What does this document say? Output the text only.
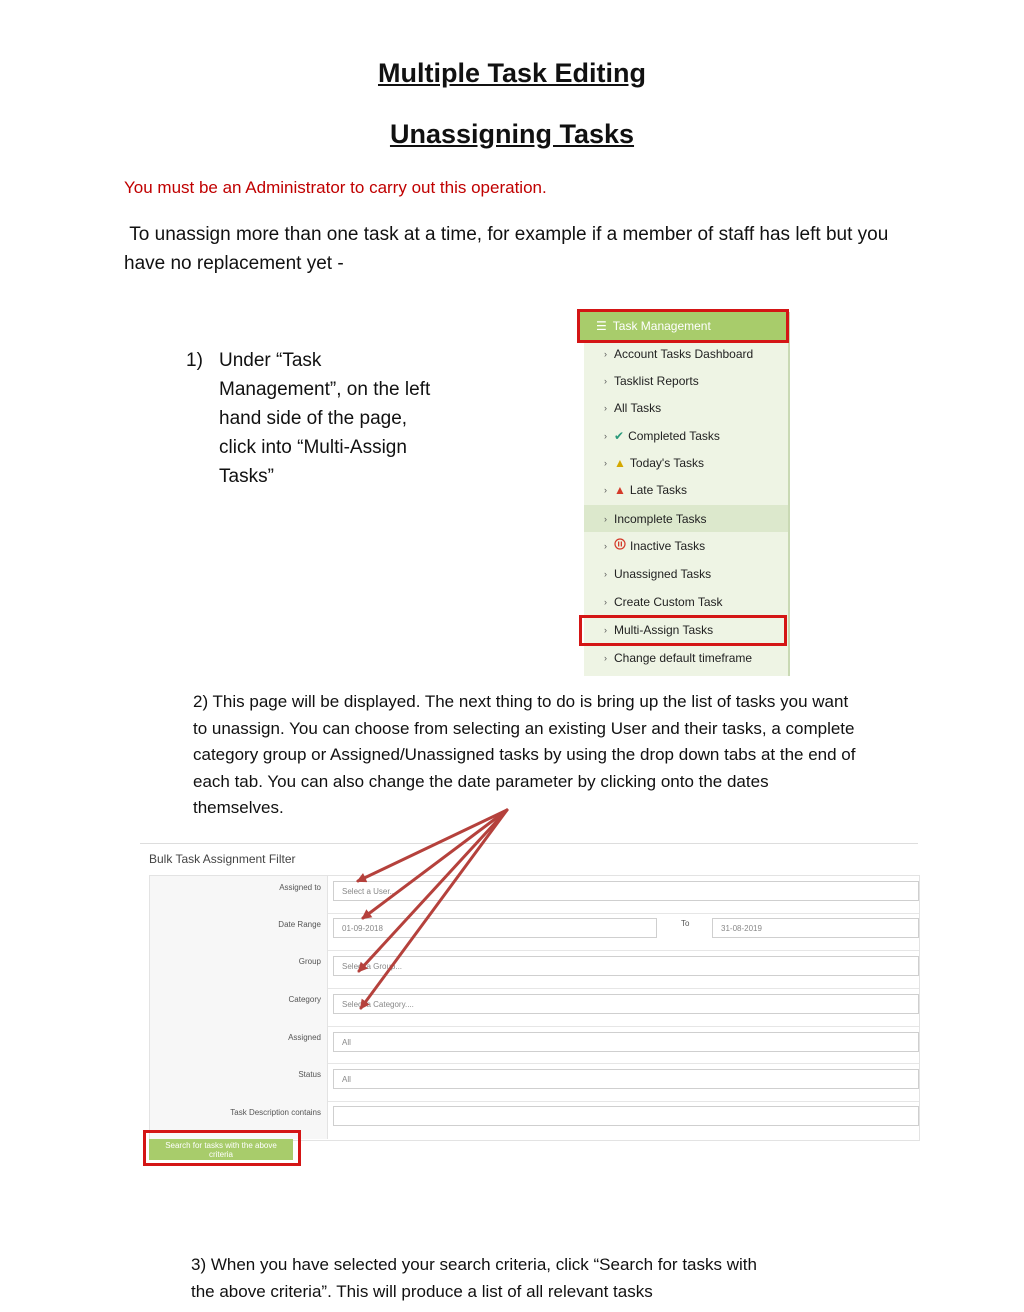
Multiple Task Editing
Unassigning Tasks
You must be an Administrator to carry out this operation.
To unassign more than one task at a time, for example if a member of staff has left but you have no replacement yet -
1) Under “Task Management”, on the left hand side of the page, click into “Multi-Assign Tasks”
☰ Task Management
› Account Tasks Dashboard
› Tasklist Reports
› All Tasks
› ✔ Completed Tasks
› ▲ Today's Tasks
› ▲ Late Tasks
› Incomplete Tasks
› Inactive Tasks
› Unassigned Tasks
› Create Custom Task
› Multi-Assign Tasks
› Change default timeframe
2) This page will be displayed. The next thing to do is bring up the list of tasks you want to unassign. You can choose from selecting an existing User and their tasks, a complete category group or Assigned/Unassigned tasks by using the drop down tabs at the end of each tab. You can also change the date parameter by clicking onto the dates themselves.
Bulk Task Assignment Filter
Assigned to	Select a User...
Date Range	01-09-2018
To
31-08-2019
Group
Select a Group...
Category
Select a Category....
Assigned
All
Status
All
Task Description contains
Search for tasks with the above criteria
3) When you have selected your search criteria, click “Search for tasks with the above criteria”. This will produce a list of all relevant tasks
